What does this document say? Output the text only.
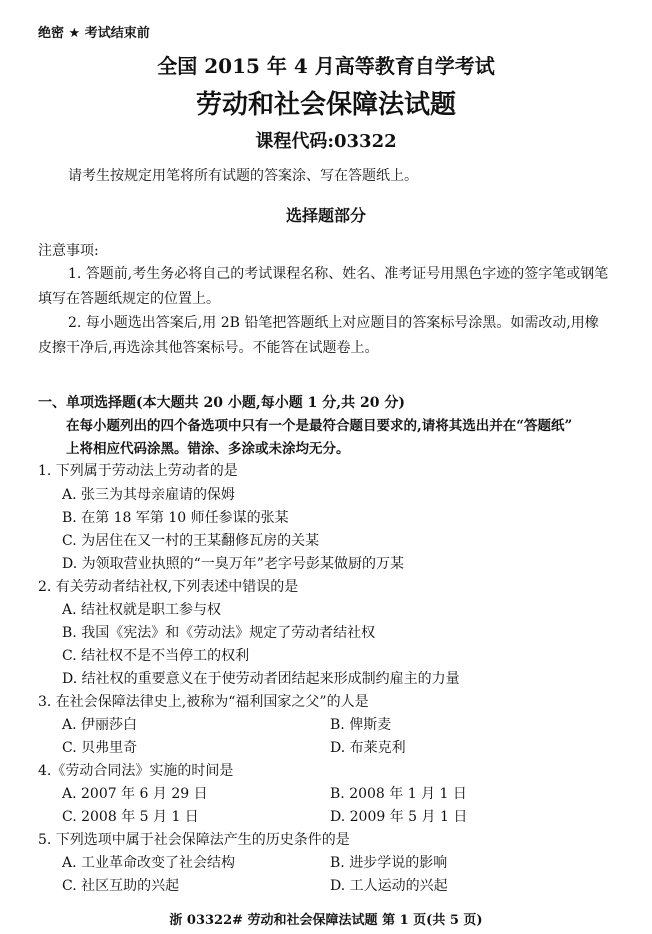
绝密 ★ 考试结束前
全国 2015 年 4 月高等教育自学考试
劳动和社会保障法试题
课程代码:03322
请考生按规定用笔将所有试题的答案涂、写在答题纸上。
选择题部分
注意事项:
1. 答题前,考生务必将自己的考试课程名称、姓名、准考证号用黑色字迹的签字笔或钢笔
填写在答题纸规定的位置上。
2. 每小题选出答案后,用 2B 铅笔把答题纸上对应题目的答案标号涂黑。如需改动,用橡
皮擦干净后,再选涂其他答案标号。不能答在试题卷上。
一、单项选择题(本大题共 20 小题,每小题 1 分,共 20 分)
在每小题列出的四个备选项中只有一个是最符合题目要求的,请将其选出并在“答题纸”
上将相应代码涂黑。错涂、多涂或未涂均无分。
1. 下列属于劳动法上劳动者的是
A. 张三为其母亲雇请的保姆
B. 在第 18 军第 10 师任参谋的张某
C. 为居住在又一村的王某翻修瓦房的关某
D. 为领取营业执照的“一臭万年”老字号彭某做厨的万某
2. 有关劳动者结社权,下列表述中错误的是
A. 结社权就是职工参与权
B. 我国《宪法》和《劳动法》规定了劳动者结社权
C. 结社权不是不当停工的权利
D. 结社权的重要意义在于使劳动者团结起来形成制约雇主的力量
3. 在社会保障法律史上,被称为“福利国家之父”的人是
A. 伊丽莎白	B. 俾斯麦
C. 贝弗里奇	D. 布莱克利
4.《劳动合同法》实施的时间是
A. 2007 年 6 月 29 日	B. 2008 年 1 月 1 日
C. 2008 年 5 月 1 日	D. 2009 年 5 月 1 日
5. 下列选项中属于社会保障法产生的历史条件的是
A. 工业革命改变了社会结构	B. 进步学说的影响
C. 社区互助的兴起	D. 工人运动的兴起
浙 03322# 劳动和社会保障法试题 第 1 页(共 5 页)
